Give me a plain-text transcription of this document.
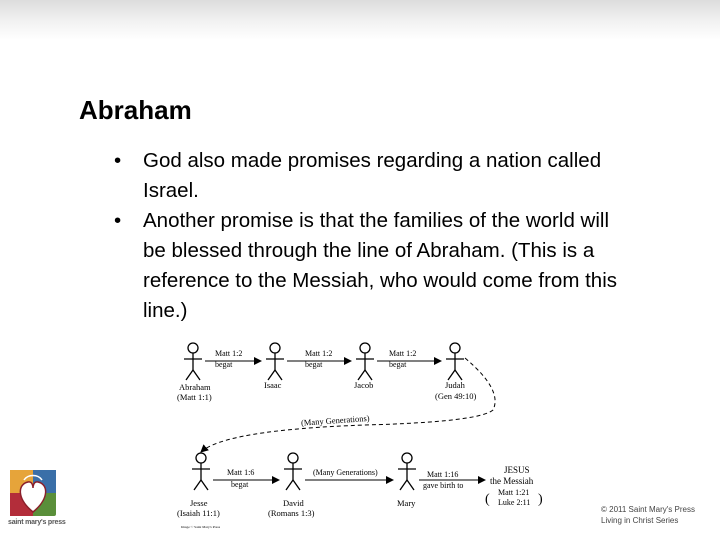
Abraham
• God also made promises regarding a nation called Israel.
• Another promise is that the families of the world will be blessed through the line of Abraham. (This is a reference to the Messiah, who would come from this line.)
Matt 1:2
begat
Matt 1:2
begat
Matt 1:2
begat
Abraham
(Matt 1:1)
Isaac	Jacob	Judah
(Gen 49:10)
(Many Generations)
Matt 1:6
begat
(Many Generations)	Matt 1:16
gave birth to
Jesse
(Isaiah 11:1)
David
(Romans 1:3)
Mary
JESUS
the Messiah
( Matt 1:21
Luke 2:11 )
Image © Saint Mary's Press
saint mary's press
© 2011 Saint Mary's Press
Living in Christ Series
